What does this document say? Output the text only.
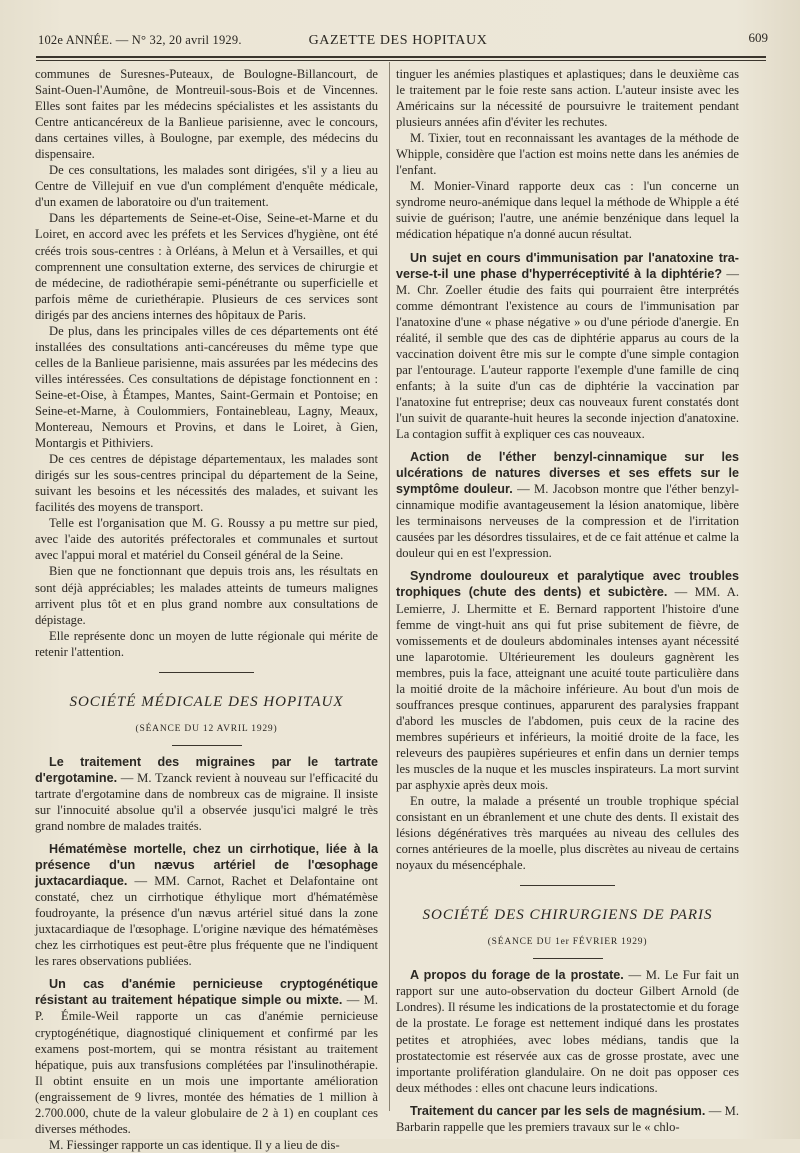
102e ANNÉE. — N° 32, 20 avril 1929.	GAZETTE DES HOPITAUX	609

communes de Suresnes-Puteaux, de Boulogne-Billancourt, de Saint-Ouen-l'Aumône, de Montreuil-sous-Bois et de Vincennes. Elles sont faites par les médecins spécialistes et les assistants du Centre anticancéreux de la Banlieue parisienne, avec le concours, dans certaines villes, à Boulogne, par exemple, des médecins du dispensaire.

De ces consultations, les malades sont dirigées, s'il y a lieu au Centre de Villejuif en vue d'un complément d'enquête médicale, d'un examen de laboratoire ou d'un traitement.

Dans les départements de Seine-et-Oise, Seine-et-Marne et du Loiret, en accord avec les préfets et les Services d'hygiène, ont été créés trois sous-centres : à Orléans, à Melun et à Versailles, et qui comprennent une consultation externe, des services de chirurgie et de médecine, de radiothérapie semi-pénétrante ou superficielle et parfois même de curiethérapie. Plusieurs de ces services sont dirigés par des anciens internes des hôpitaux de Paris.

De plus, dans les principales villes de ces départements ont été installées des consultations anti-cancéreuses du même type que celles de la Banlieue parisienne, mais assurées par les médecins des villes intéressées. Ces consultations de dépistage fonctionnent en : Seine-et-Oise, à Étampes, Mantes, Saint-Germain et Pontoise; en Seine-et-Marne, à Coulommiers, Fontainebleau, Lagny, Meaux, Montereau, Nemours et Provins, et dans le Loiret, à Gien, Montargis et Pithiviers.

De ces centres de dépistage départementaux, les malades sont dirigés sur les sous-centres principal du département de la Seine, suivant les besoins et les nécessités des malades, et suivant les facilités des moyens de transport.

Telle est l'organisation que M. G. Roussy a pu mettre sur pied, avec l'aide des autorités préfectorales et communales et surtout avec l'appui moral et matériel du Conseil général de la Seine.

Bien que ne fonctionnant que depuis trois ans, les résultats en sont déjà appréciables; les malades atteints de tumeurs malignes arrivent plus tôt et en plus grand nombre aux consultations de dépistage.

Elle représente donc un moyen de lutte régionale qui mérite de retenir l'attention.

SOCIÉTÉ MÉDICALE DES HOPITAUX
(SÉANCE DU 12 AVRIL 1929)

Le traitement des migraines par le tartrate d'ergotamine. — M. Tzanck revient à nouveau sur l'efficacité du tartrate d'ergotamine dans de nombreux cas de migraine. Il insiste sur l'innocuité absolue qu'il a observée jusqu'ici malgré le très grand nombre de malades traités.

Hématémèse mortelle, chez un cirrhotique, liée à la présence d'un nævus artériel de l'œsophage juxtacardiaque. — MM. Carnot, Rachet et Delafontaine ont constaté, chez un cirrhotique éthylique mort d'hématémèse foudroyante, la présence d'un nævus artériel situé dans la zone juxtacardiaque de l'œsophage. L'origine nævique des hématémèses chez les cirrhotiques est peut-être plus fréquente que ne l'indiquent les rares observations publiées.

Un cas d'anémie pernicieuse cryptogénétique résistant au traitement hépatique simple ou mixte. — M. P. Émile-Weil rapporte un cas d'anémie pernicieuse cryptogénétique, diagnostiqué cliniquement et confirmé par les examens post-mortem, qui se montra résistant au traitement hépatique, puis aux transfusions complétées par l'insulinothérapie. Il obtint ensuite en un mois une importante amélioration (engraissement de 9 livres, montée des hématies de 1 million à 2.700.000, chute de la valeur globulaire de 2 à 1) en couplant ces diverses méthodes.

M. Fiessinger rapporte un cas identique. Il y a lieu de dis-

tinguer les anémies plastiques et aplastiques; dans le deuxième cas le traitement par le foie reste sans action. L'auteur insiste avec les Américains sur la nécessité de poursuivre le traitement pendant plusieurs années afin d'éviter les rechutes.

M. Tixier, tout en reconnaissant les avantages de la méthode de Whipple, considère que l'action est moins nette dans les anémies de l'enfant.

M. Monier-Vinard rapporte deux cas : l'un concerne un syndrome neuro-anémique dans lequel la méthode de Whipple a été suivie de guérison; l'autre, une anémie benzénique dans lequel la médication hépatique n'a donné aucun résultat.

Un sujet en cours d'immunisation par l'anatoxine tra-verse-t-il une phase d'hyperréceptivité à la diphtérie? — M. Chr. Zoeller étudie des faits qui pourraient être interprétés comme démontrant l'existence au cours de l'immunisation par l'anatoxine d'une « phase négative » ou d'une période d'anergie. En réalité, il semble que des cas de diphtérie apparus au cours de la vaccination doivent être mis sur le compte d'une simple contagion par l'entourage. L'auteur rapporte l'exemple d'une famille de cinq enfants; à la suite d'un cas de diphtérie la vaccination par l'anatoxine fut entreprise; deux cas nouveaux furent constatés dont l'un suivit de quarante-huit heures la seconde injection d'anatoxine. La contagion suffit à expliquer ces cas nouveaux.

Action de l'éther benzyl-cinnamique sur les ulcérations de natures diverses et ses effets sur le symptôme douleur. — M. Jacobson montre que l'éther benzyl-cinnamique modifie avantageusement la lésion anatomique, libère les terminaisons nerveuses de la compression et de l'irritation causées par les désordres tissulaires, et de ce fait atténue et calme la douleur qui en est l'expression.

Syndrome douloureux et paralytique avec troubles trophiques (chute des dents) et subictère. — MM. A. Lemierre, J. Lhermitte et E. Bernard rapportent l'histoire d'une femme de vingt-huit ans qui fut prise subitement de fièvre, de vomissements et de douleurs abdominales intenses ayant nécessité une laparotomie. Ultérieurement les douleurs gagnèrent les membres, puis la face, atteignant une acuité toute particulière dans la moitié droite de la mâchoire inférieure. Au bout d'un mois de souffrances presque continues, apparurent des paralysies frappant d'abord les muscles de l'abdomen, puis ceux de la racine des membres supérieurs et inférieurs, la moitié droite de la face, les releveurs des paupières supérieures et enfin dans un dernier temps les muscles de la nuque et les muscles inspirateurs. La mort survint par asphyxie après deux mois.

En outre, la malade a présenté un trouble trophique spécial consistant en un ébranlement et une chute des dents. Il existait des lésions dégénératives très marquées au niveau des cellules des cornes antérieures de la moelle, plus discrètes au niveau de certains noyaux du mésencéphale.

SOCIÉTÉ DES CHIRURGIENS DE PARIS
(SÉANCE DU 1er FÉVRIER 1929)

A propos du forage de la prostate. — M. Le Fur fait un rapport sur une auto-observation du docteur Gilbert Arnold (de Londres). Il résume les indications de la prostatectomie et du forage de la prostate. Le forage est nettement indiqué dans les prostates petites et atrophiées, avec lobes médians, tandis que la prostatectomie est réservée aux cas de grosse prostate, avec une importante prolifération glandulaire. On ne doit pas opposer ces deux méthodes : elles ont chacune leurs indications.

Traitement du cancer par les sels de magnésium. — M. Barbarin rappelle que les premiers travaux sur le « chlo-
